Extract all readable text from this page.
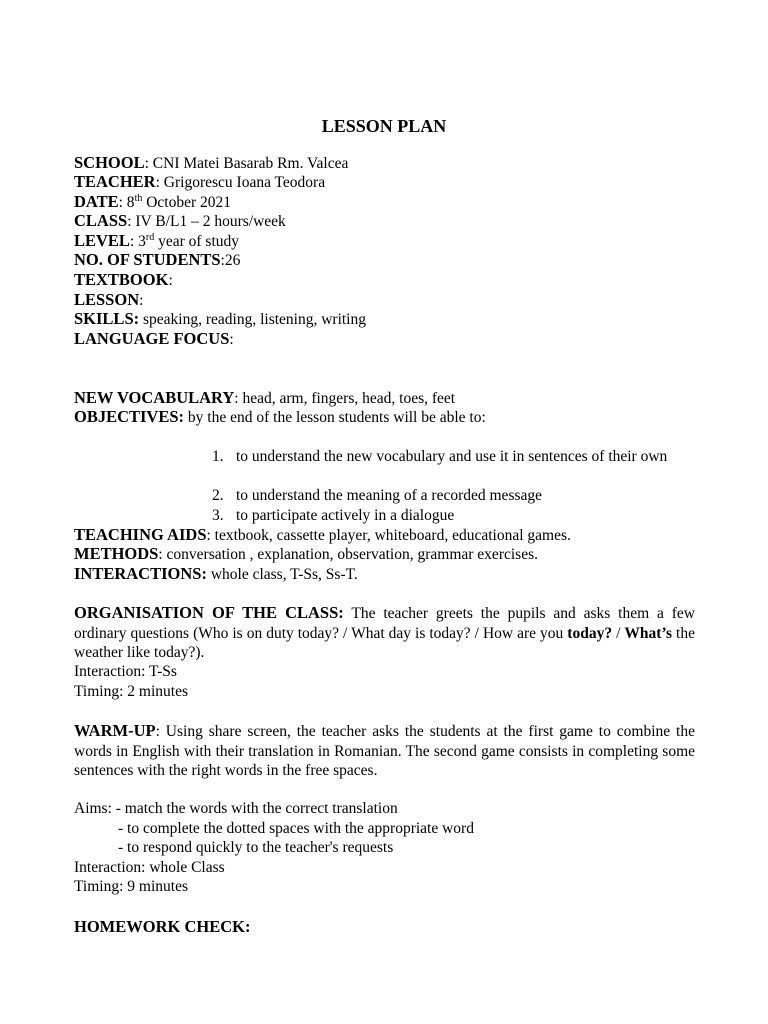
LESSON PLAN
SCHOOL: CNI Matei Basarab Rm. Valcea
TEACHER: Grigorescu Ioana Teodora
DATE: 8th October 2021
CLASS: IV B/L1 – 2 hours/week
LEVEL: 3rd year of study
NO. OF STUDENTS:26
TEXTBOOK:
LESSON:
SKILLS: speaking, reading, listening, writing
LANGUAGE FOCUS:
NEW VOCABULARY: head, arm, fingers, head, toes, feet
OBJECTIVES: by the end of the lesson students will be able to:
1. to understand the new vocabulary and use it in sentences of their own
2. to understand the meaning of a recorded message
3. to participate actively in a dialogue
TEACHING AIDS: textbook, cassette player, whiteboard, educational games.
METHODS: conversation , explanation, observation, grammar exercises.
INTERACTIONS: whole class, T-Ss, Ss-T.
ORGANISATION OF THE CLASS: The teacher greets the pupils and asks them a few ordinary questions (Who is on duty today? / What day is today? / How are you today? / What’s the weather like today?).
Interaction: T-Ss
Timing: 2 minutes
WARM-UP: Using share screen, the teacher asks the students at the first game to combine the words in English with their translation in Romanian. The second game consists in completing some sentences with the right words in the free spaces.
Aims: - match the words with the correct translation
- to complete the dotted spaces with the appropriate word
- to respond quickly to the teacher's requests
Interaction: whole Class
Timing: 9 minutes
HOMEWORK CHECK:
